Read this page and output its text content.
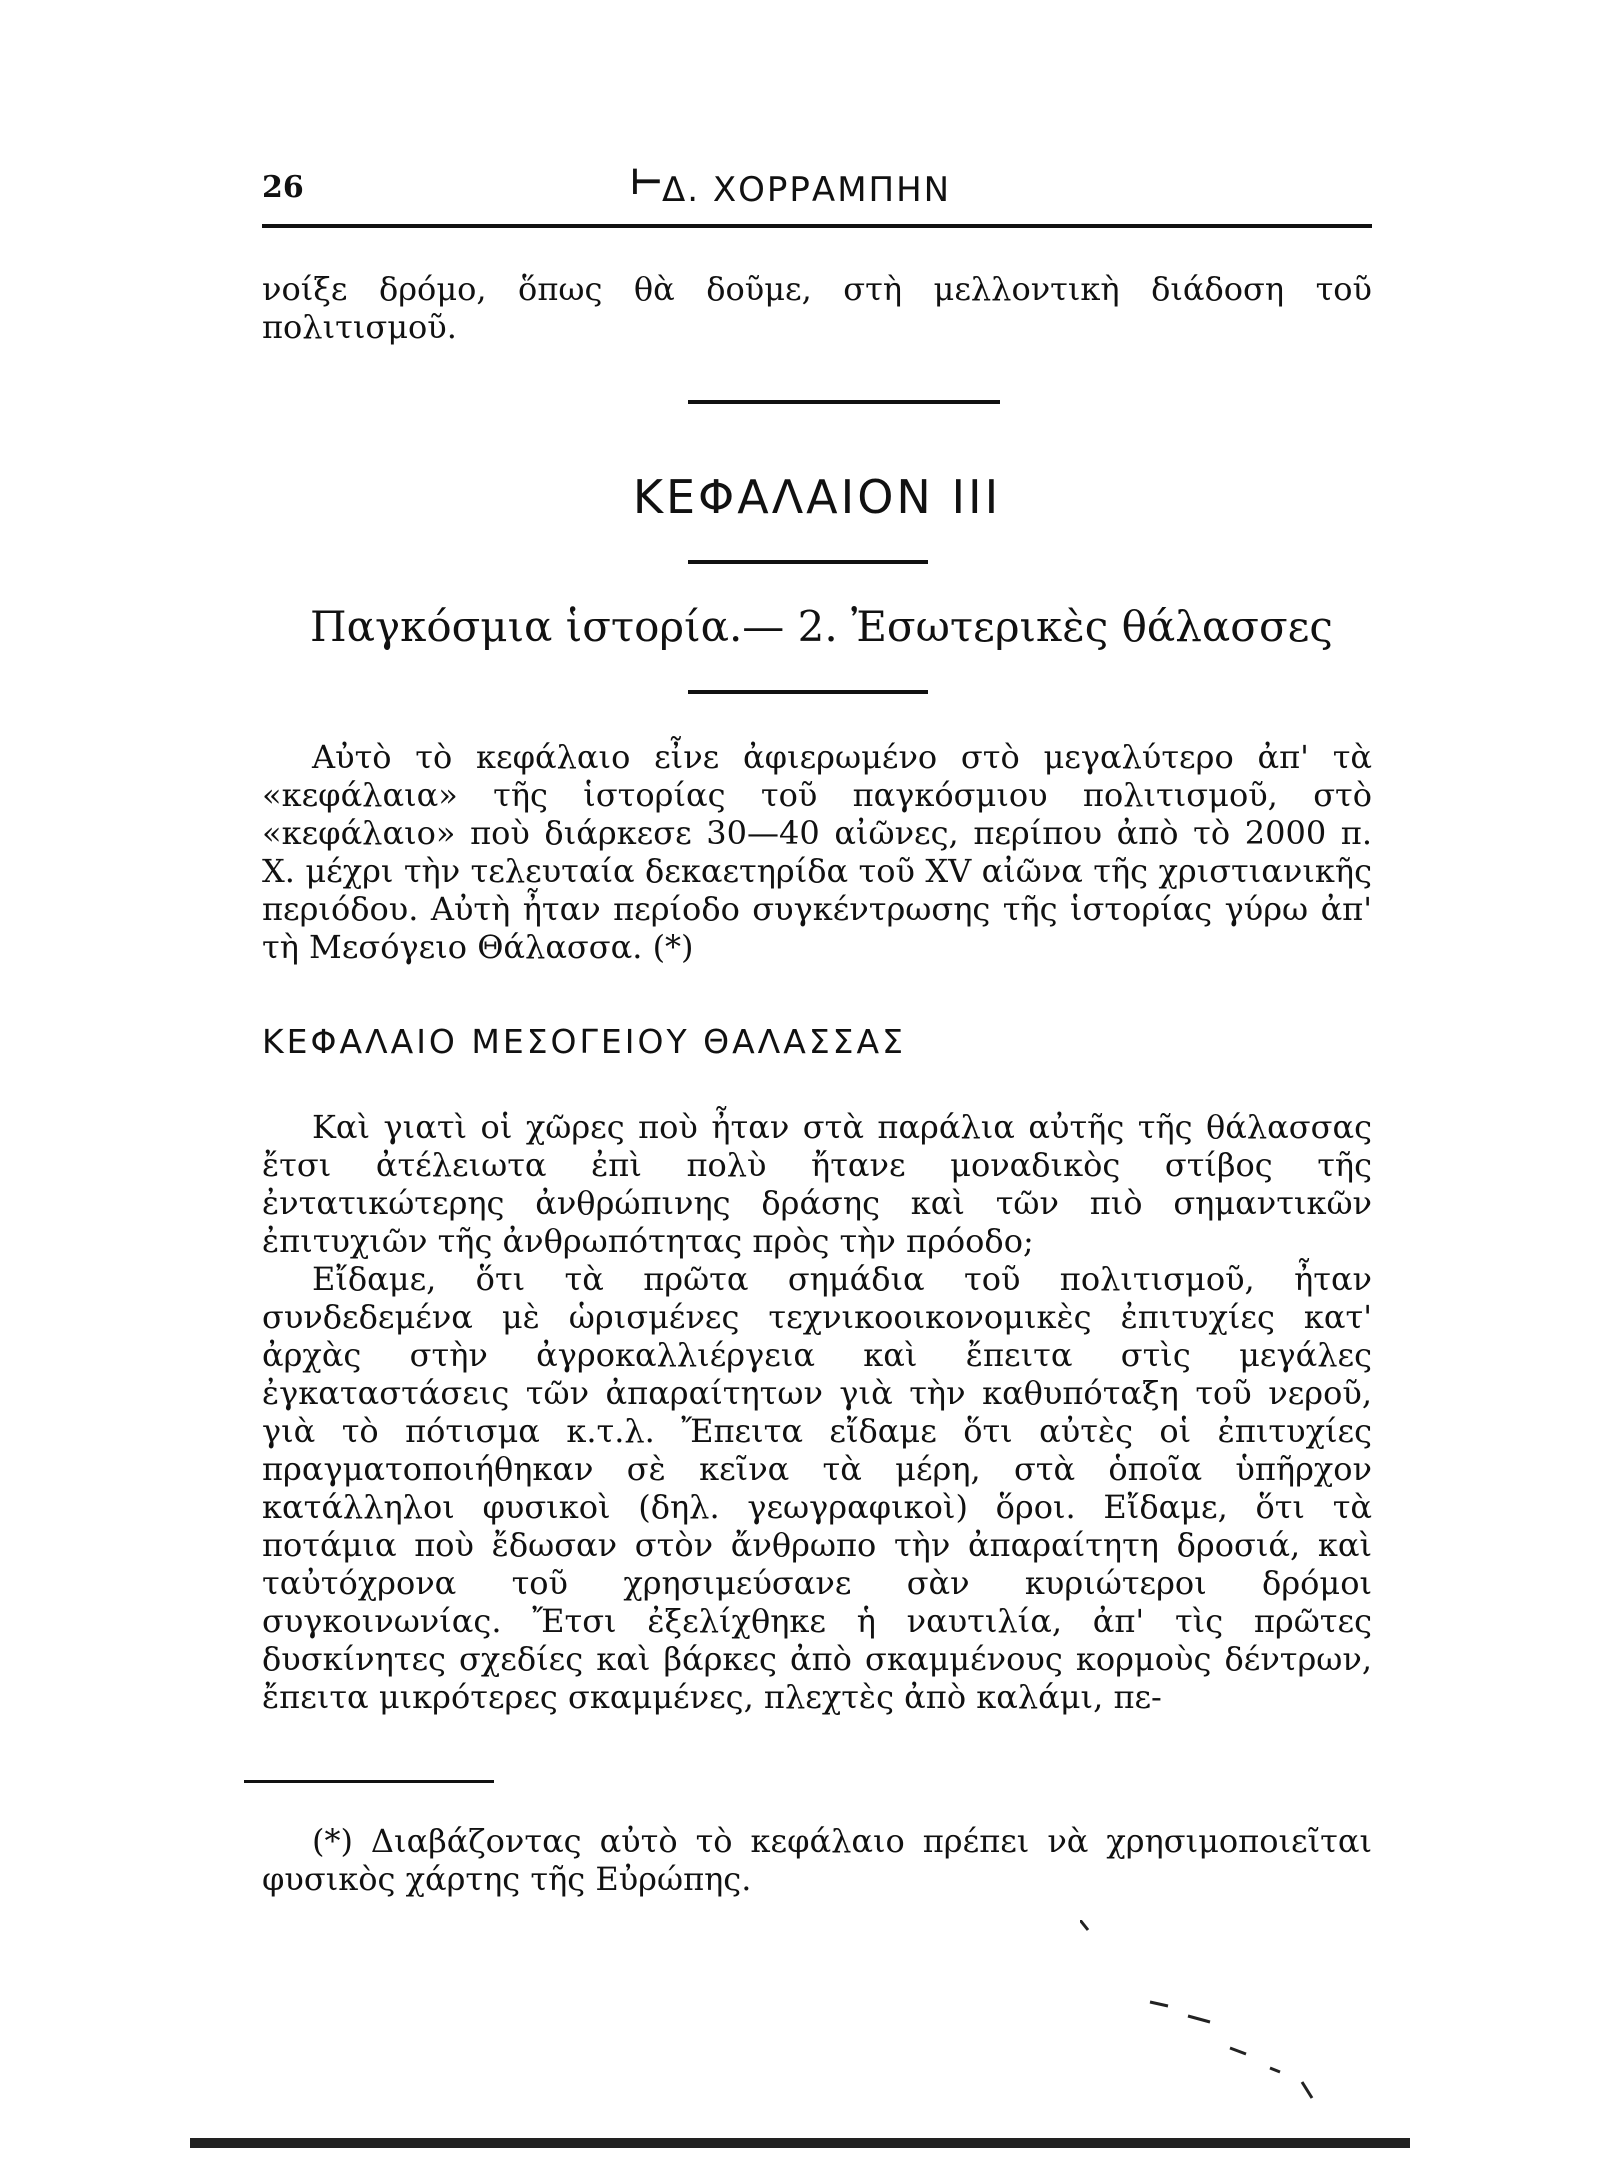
26	⊢ Δ. ΧΟΡΡΑΜΠΗΝ

νοίξε δρόμο, ὅπως θὰ δοῦμε, στὴ μελλοντικὴ διάδοση τοῦ πολιτισμοῦ.

ΚΕΦΑΛΑΙΟΝ III
Παγκόσμια ἱστορία.— 2. Ἐσωτερικὲς θάλασσες

Αὐτὸ τὸ κεφάλαιο εἶνε ἀφιερωμένο στὸ μεγαλύτερο ἀπ' τὰ «κεφάλαια» τῆς ἱστορίας τοῦ παγκόσμιου πολιτισμοῦ, στὸ «κεφάλαιο» ποὺ διάρκεσε 30—40 αἰῶνες, περίπου ἀπὸ τὸ 2000 π. Χ. μέχρι τὴν τελευταία δεκαετηρίδα τοῦ XV αἰῶνα τῆς χριστιανικῆς περιόδου. Αὐτὴ ἦταν περίοδο συγκέντρωσης τῆς ἱστορίας γύρω ἀπ' τὴ Μεσόγειο Θάλασσα. (*)

ΚΕΦΑΛΑΙΟ ΜΕΣΟΓΕΙΟΥ ΘΑΛΑΣΣΑΣ

Καὶ γιατὶ οἱ χῶρες ποὺ ἦταν στὰ παράλια αὐτῆς τῆς θάλασσας ἔτσι ἀτέλειωτα ἐπὶ πολὺ ἤτανε μοναδικὸς στίβος τῆς ἐντατικώτερης ἀνθρώπινης δράσης καὶ τῶν πιὸ σημαντικῶν ἐπιτυχιῶν τῆς ἀνθρωπότητας πρὸς τὴν πρόοδο;

Εἴδαμε, ὅτι τὰ πρῶτα σημάδια τοῦ πολιτισμοῦ, ἦταν συνδεδεμένα μὲ ὡρισμένες τεχνικοοικονομικὲς ἐπιτυχίες κατ' ἀρχὰς στὴν ἀγροκαλλιέργεια καὶ ἔπειτα στὶς μεγάλες ἐγκαταστάσεις τῶν ἀπαραίτητων γιὰ τὴν καθυπόταξη τοῦ νεροῦ, γιὰ τὸ πότισμα κ.τ.λ. Ἔπειτα εἴδαμε ὅτι αὐτὲς οἱ ἐπιτυχίες πραγματοποιήθηκαν σὲ κεῖνα τὰ μέρη, στὰ ὁποῖα ὑπῆρχον κατάλληλοι φυσικοὶ (δηλ. γεωγραφικοὶ) ὅροι. Εἴδαμε, ὅτι τὰ ποτάμια ποὺ ἔδωσαν στὸν ἄνθρωπο τὴν ἀπαραίτητη δροσιά, καὶ ταὐτόχρονα τοῦ χρησιμεύσανε σὰν κυριώτεροι δρόμοι συγκοινωνίας. Ἔτσι ἐξελίχθηκε ἡ ναυτιλία, ἀπ' τὶς πρῶτες δυσκίνητες σχεδίες καὶ βάρκες ἀπὸ σκαμμένους κορμοὺς δέντρων, ἔπειτα μικρότερες σκαμμένες, πλεχτὲς ἀπὸ καλάμι, πε-

(*) Διαβάζοντας αὐτὸ τὸ κεφάλαιο πρέπει νὰ χρησιμοποιεῖται φυσικὸς χάρτης τῆς Εὐρώπης.
